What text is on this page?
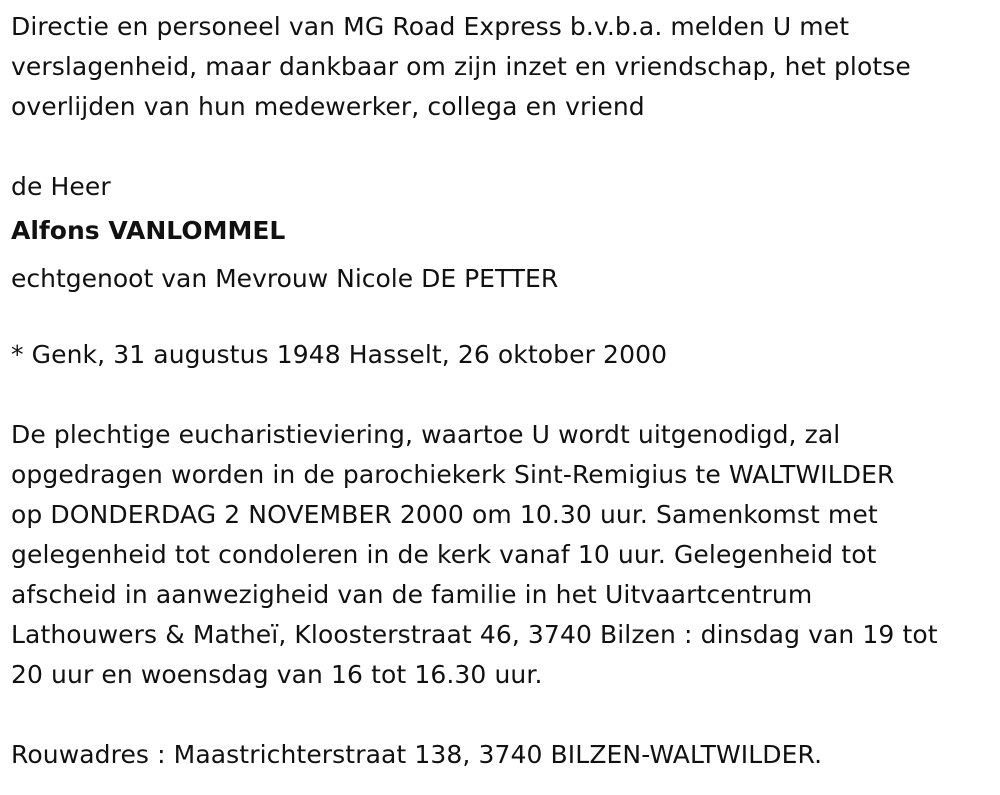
Directie en personeel van MG Road Express b.v.b.a. melden U met
verslagenheid, maar dankbaar om zijn inzet en vriendschap, het plotse
overlijden van hun medewerker, collega en vriend
de Heer
Alfons VANLOMMEL
echtgenoot van Mevrouw Nicole DE PETTER
* Genk, 31 augustus 1948 Hasselt, 26 oktober 2000
De plechtige eucharistieviering, waartoe U wordt uitgenodigd, zal
opgedragen worden in de parochiekerk Sint-Remigius te WALTWILDER
op DONDERDAG 2 NOVEMBER 2000 om 10.30 uur. Samenkomst met
gelegenheid tot condoleren in de kerk vanaf 10 uur. Gelegenheid tot
afscheid in aanwezigheid van de familie in het Uitvaartcentrum
Lathouwers & Matheï, Kloosterstraat 46, 3740 Bilzen : dinsdag van 19 tot
20 uur en woensdag van 16 tot 16.30 uur.
Rouwadres : Maastrichterstraat 138, 3740 BILZEN-WALTWILDER.
